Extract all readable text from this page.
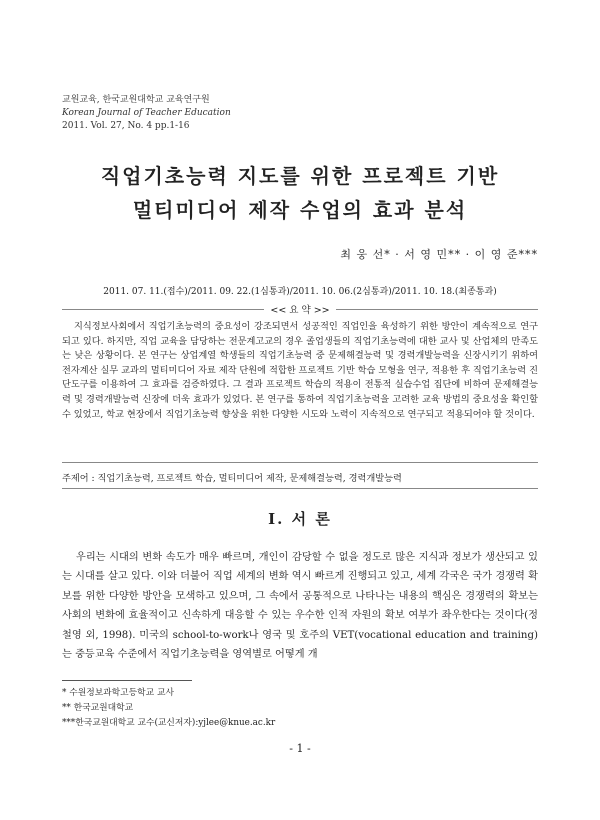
교원교육, 한국교원대학교 교육연구원
Korean Journal of Teacher Education
2011. Vol. 27, No. 4 pp.1-16
직업기초능력 지도를 위한 프로젝트 기반
멀티미디어 제작 수업의 효과 분석
최 웅 선* · 서 영 민** · 이 영 준***
2011. 07. 11.(접수)/2011. 09. 22.(1심통과)/2011. 10. 06.(2심통과)/2011. 10. 18.(최종통과)
<< 요 약 >>
지식정보사회에서 직업기초능력의 중요성이 강조되면서 성공적인 직업인을 육성하기 위한 방안이 계속적으로 연구되고 있다. 하지만, 직업 교육을 담당하는 전문계고교의 경우 졸업생들의 직업기초능력에 대한 교사 및 산업체의 만족도는 낮은 상황이다. 본 연구는 상업계열 학생들의 직업기초능력 중 문제해결능력 및 경력개발능력을 신장시키기 위하여 전자계산 실무 교과의 멀티미디어 자료 제작 단원에 적합한 프로젝트 기반 학습 모형을 연구, 적용한 후 직업기초능력 진단도구를 이용하여 그 효과를 검증하였다. 그 결과 프로젝트 학습의 적용이 전통적 실습수업 집단에 비하여 문제해결능력 및 경력개발능력 신장에 더욱 효과가 있었다. 본 연구를 통하여 직업기초능력을 고려한 교육 방법의 중요성을 확인할 수 있었고, 학교 현장에서 직업기초능력 향상을 위한 다양한 시도와 노력이 지속적으로 연구되고 적용되어야 할 것이다.
주제어 : 직업기초능력, 프로젝트 학습, 멀티미디어 제작, 문제해결능력, 경력개발능력
Ⅰ. 서 론
우리는 시대의 변화 속도가 매우 빠르며, 개인이 감당할 수 없을 정도로 많은 지식과 정보가 생산되고 있는 시대를 살고 있다. 이와 더불어 직업 세계의 변화 역시 빠르게 진행되고 있고, 세계 각국은 국가 경쟁력 확보를 위한 다양한 방안을 모색하고 있으며, 그 속에서 공통적으로 나타나는 내용의 핵심은 경쟁력의 확보는 사회의 변화에 효율적이고 신속하게 대응할 수 있는 우수한 인적 자원의 확보 여부가 좌우한다는 것이다(정철영 외, 1998). 미국의 school-to-work나 영국 및 호주의 VET(vocational education and training)는 중등교육 수준에서 직업기초능력을 영역별로 어떻게 개
* 수원정보과학고등학교 교사
** 한국교원대학교
***한국교원대학교 교수(교신저자):yjlee@knue.ac.kr
- 1 -
